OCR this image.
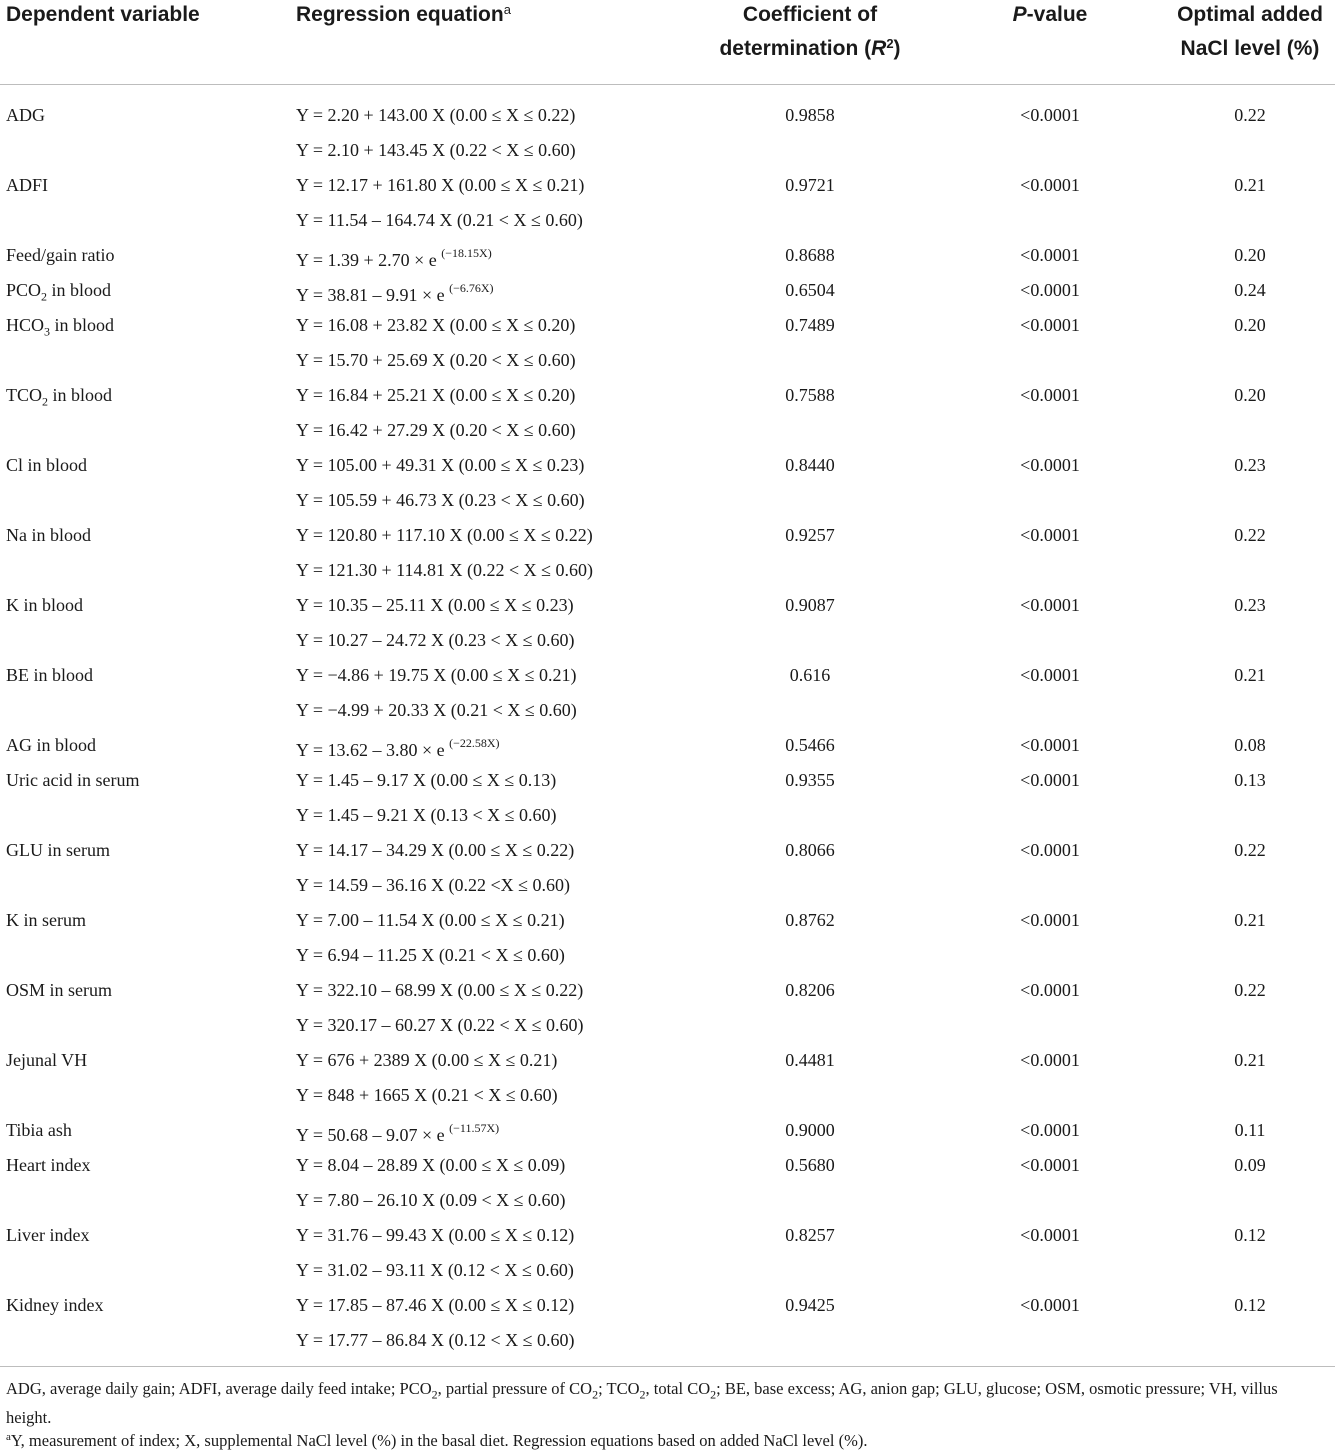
Dependent variable	Regression equation$^a$	Coefficient of
determination $(R^2)$
P-value	Optimal added
NaCl level (%)
ADG	Y = 2.20 + 143.00 X (0.00 ≤ X ≤ 0.22)	0.9858	<0.0001	0.22
Y = 2.10 + 143.45 X (0.22 < X ≤ 0.60)
ADFI	Y = 12.17 + 161.80 X (0.00 ≤ X ≤ 0.21)	0.9721	<0.0001	0.21
Y = 11.54 – 164.74 X (0.21 < X ≤ 0.60)
Feed/gain ratio	Y = 1.39 + 2.70 × e $^{(-18.15X)}$	0.8688	<0.0001	0.20
$PCO_2$ in blood	Y = 38.81 – 9.91 × e $^{(-6.76X)}$	0.6504	<0.0001	0.24
$HCO_3$ in blood	Y = 16.08 + 23.82 X (0.00 ≤ X ≤ 0.20)	0.7489	<0.0001	0.20
Y = 15.70 + 25.69 X (0.20 < X ≤ 0.60)
$TCO_2$ in blood	Y = 16.84 + 25.21 X (0.00 ≤ X ≤ 0.20)	0.7588	<0.0001	0.20
Y = 16.42 + 27.29 X (0.20 < X ≤ 0.60)
Cl in blood	Y = 105.00 + 49.31 X (0.00 ≤ X ≤ 0.23)	0.8440	<0.0001	0.23
Y = 105.59 + 46.73 X (0.23 < X ≤ 0.60)
Na in blood	Y = 120.80 + 117.10 X (0.00 ≤ X ≤ 0.22)	0.9257	<0.0001	0.22
Y = 121.30 + 114.81 X (0.22 < X ≤ 0.60)
K in blood	Y = 10.35 – 25.11 X (0.00 ≤ X ≤ 0.23)	0.9087	<0.0001	0.23
Y = 10.27 – 24.72 X (0.23 < X ≤ 0.60)
BE in blood	Y = −4.86 + 19.75 X (0.00 ≤ X ≤ 0.21)	0.616	<0.0001	0.21
Y = −4.99 + 20.33 X (0.21 < X ≤ 0.60)
AG in blood	Y = 13.62 – 3.80 × e $^{(-22.58X)}$	0.5466	<0.0001	0.08
Uric acid in serum	Y = 1.45 – 9.17 X (0.00 ≤ X ≤ 0.13)	0.9355	<0.0001	0.13
Y = 1.45 – 9.21 X (0.13 < X ≤ 0.60)
GLU in serum	Y = 14.17 – 34.29 X (0.00 ≤ X ≤ 0.22)	0.8066	<0.0001	0.22
Y = 14.59 – 36.16 X (0.22 <X ≤ 0.60)
K in serum	Y = 7.00 – 11.54 X (0.00 ≤ X ≤ 0.21)	0.8762	<0.0001	0.21
Y = 6.94 – 11.25 X (0.21 < X ≤ 0.60)
OSM in serum	Y = 322.10 – 68.99 X (0.00 ≤ X ≤ 0.22)	0.8206	<0.0001	0.22
Y = 320.17 – 60.27 X (0.22 < X ≤ 0.60)
Jejunal VH	Y = 676 + 2389 X (0.00 ≤ X ≤ 0.21)	0.4481	<0.0001	0.21
Y = 848 + 1665 X (0.21 < X ≤ 0.60)
Tibia ash	Y = 50.68 – 9.07 × e $^{(-11.57X)}$	0.9000	<0.0001	0.11
Heart index	Y = 8.04 – 28.89 X (0.00 ≤ X ≤ 0.09)	0.5680	<0.0001	0.09
Y = 7.80 – 26.10 X (0.09 < X ≤ 0.60)
Liver index	Y = 31.76 – 99.43 X (0.00 ≤ X ≤ 0.12)	0.8257	<0.0001	0.12
Y = 31.02 – 93.11 X (0.12 < X ≤ 0.60)
Kidney index	Y = 17.85 – 87.46 X (0.00 ≤ X ≤ 0.12)	0.9425	<0.0001	0.12
Y = 17.77 – 86.84 X (0.12 < X ≤ 0.60)
ADG, average daily gain; ADFI, average daily feed intake; $PCO_2$, partial pressure of $CO_2$; $TCO_2$, total $CO_2$; BE, base excess; AG, anion gap; GLU, glucose; OSM, osmotic pressure; VH, villus height.
$^a$Y, measurement of index; X, supplemental NaCl level (%) in the basal diet. Regression equations based on added NaCl level (%).
